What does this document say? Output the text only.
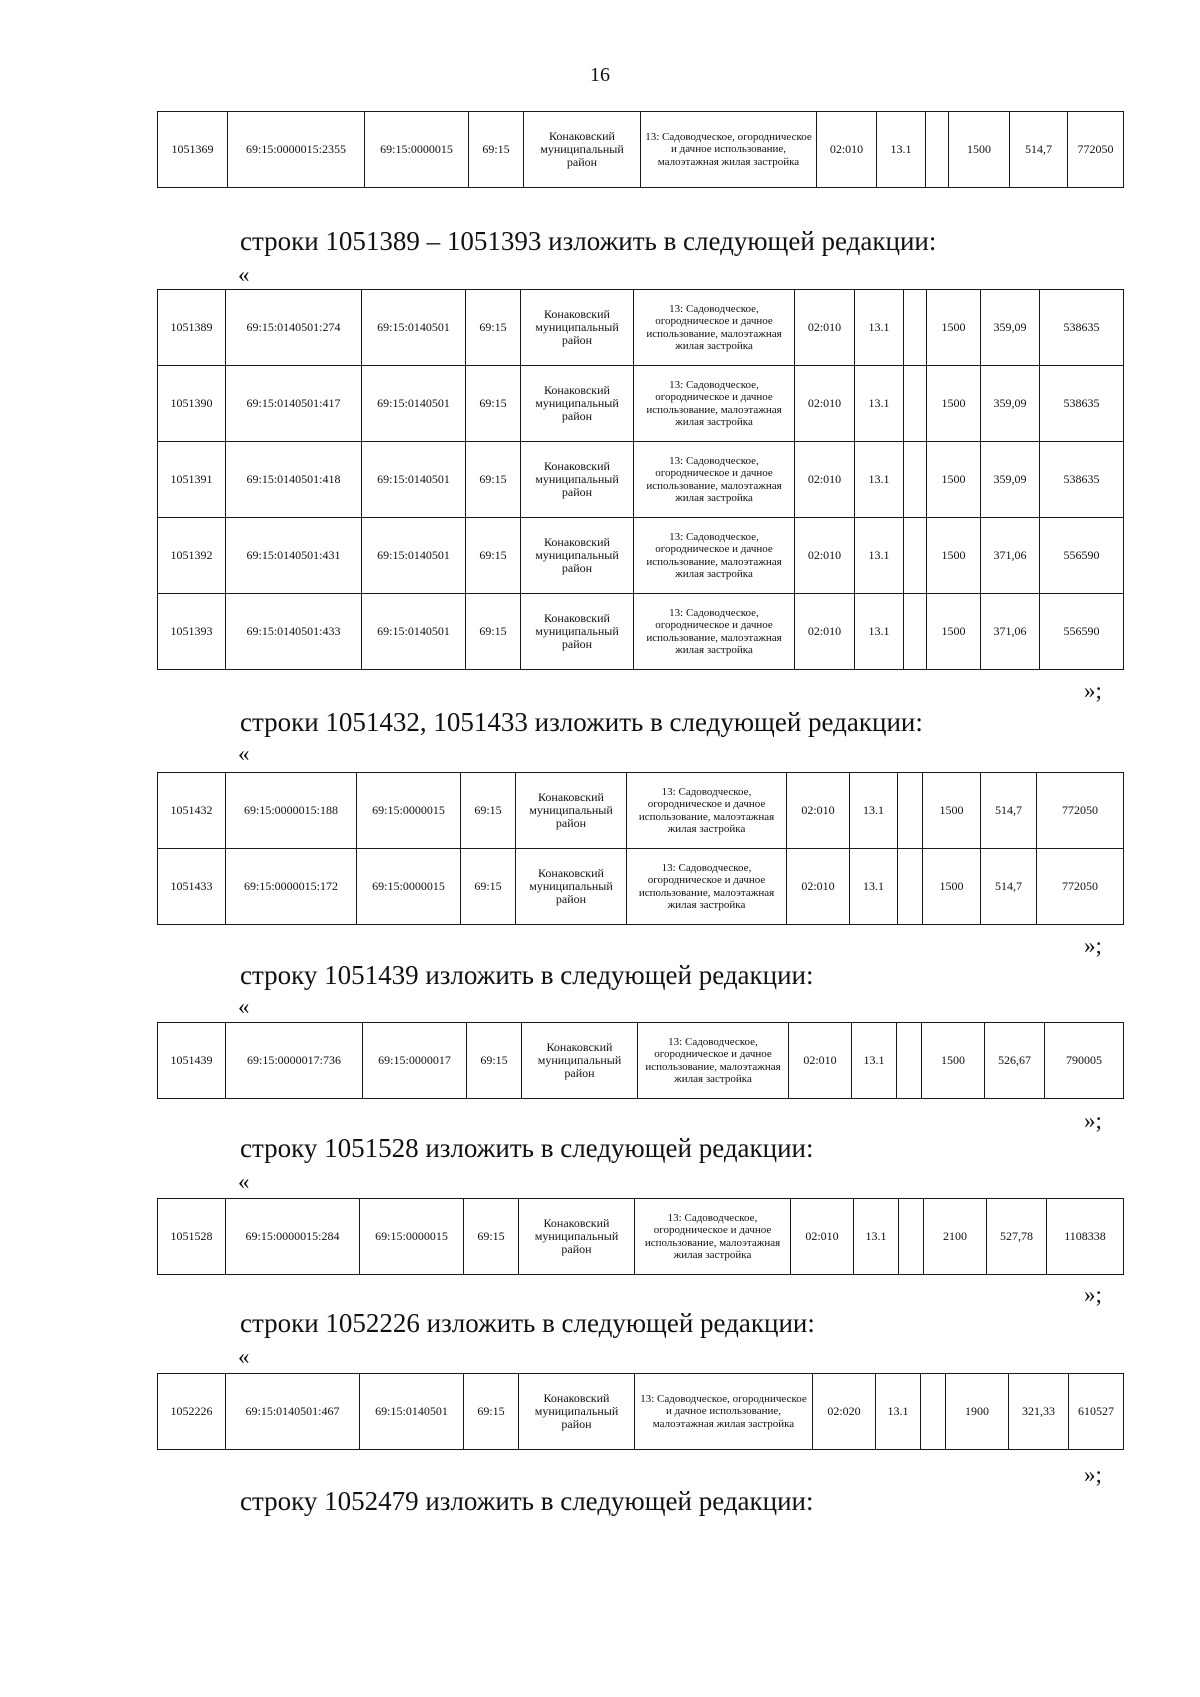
16
1051369	69:15:0000015:2355	69:15:0000015	69:15	Конаковский муниципальный район	13: Садоводческое, огородническое и дачное использование, малоэтажная жилая застройка	02:010	13.1		1500	514,7	772050
строки 1051389 – 1051393 изложить в следующей редакции:
«
1051389	69:15:0140501:274	69:15:0140501	69:15	Конаковский муниципальный район	13: Садоводческое, огородническое и дачное использование, малоэтажная жилая застройка	02:010	13.1		1500	359,09	538635
1051390	69:15:0140501:417	69:15:0140501	69:15	Конаковский муниципальный район	13: Садоводческое, огородническое и дачное использование, малоэтажная жилая застройка	02:010	13.1		1500	359,09	538635
1051391	69:15:0140501:418	69:15:0140501	69:15	Конаковский муниципальный район	13: Садоводческое, огородническое и дачное использование, малоэтажная жилая застройка	02:010	13.1		1500	359,09	538635
1051392	69:15:0140501:431	69:15:0140501	69:15	Конаковский муниципальный район	13: Садоводческое, огородническое и дачное использование, малоэтажная жилая застройка	02:010	13.1		1500	371,06	556590
1051393	69:15:0140501:433	69:15:0140501	69:15	Конаковский муниципальный район	13: Садоводческое, огородническое и дачное использование, малоэтажная жилая застройка	02:010	13.1		1500	371,06	556590
»;
строки 1051432, 1051433 изложить в следующей редакции:
«
1051432	69:15:0000015:188	69:15:0000015	69:15	Конаковский муниципальный район	13: Садоводческое, огородническое и дачное использование, малоэтажная жилая застройка	02:010	13.1		1500	514,7	772050
1051433	69:15:0000015:172	69:15:0000015	69:15	Конаковский муниципальный район	13: Садоводческое, огородническое и дачное использование, малоэтажная жилая застройка	02:010	13.1		1500	514,7	772050
»;
строку 1051439 изложить в следующей редакции:
«
1051439	69:15:0000017:736	69:15:0000017	69:15	Конаковский муниципальный район	13: Садоводческое, огородническое и дачное использование, малоэтажная жилая застройка	02:010	13.1		1500	526,67	790005
»;
строку 1051528 изложить в следующей редакции:
«
1051528	69:15:0000015:284	69:15:0000015	69:15	Конаковский муниципальный район	13: Садоводческое, огородническое и дачное использование, малоэтажная жилая застройка	02:010	13.1		2100	527,78	1108338
»;
строки 1052226 изложить в следующей редакции:
«
1052226	69:15:0140501:467	69:15:0140501	69:15	Конаковский муниципальный район	13: Садоводческое, огородническое и дачное использование, малоэтажная жилая застройка	02:020	13.1		1900	321,33	610527
»;
строку 1052479 изложить в следующей редакции:
